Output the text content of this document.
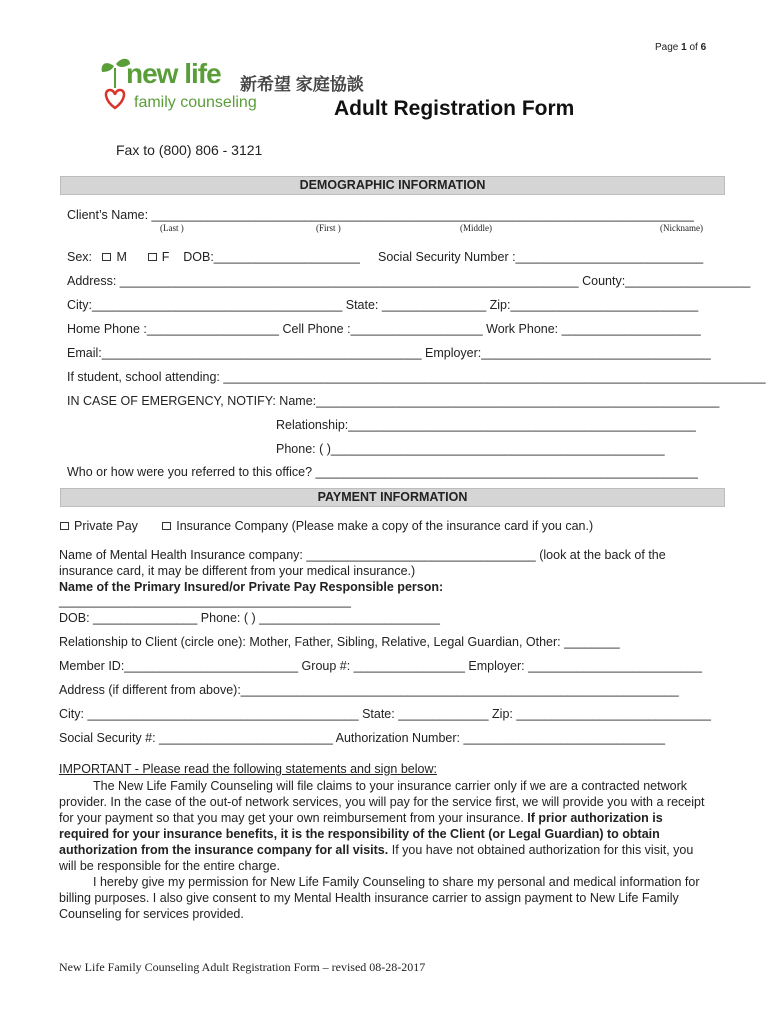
Page 1 of 6
new life
family counseling
新希望 家庭協談
Adult Registration Form
Fax to (800) 806 - 3121
DEMOGRAPHIC INFORMATION
Client’s Name: ______________________________________________________________________________
(Last )	(First )	(Middle)	(Nickname)
Sex: M	F DOB:_____________________ Social Security Number :___________________________
Address: __________________________________________________________________ County:__________________
City:____________________________________ State: _______________ Zip:___________________________
Home Phone :___________________ Cell Phone :___________________ Work Phone: ____________________
Email:______________________________________________ Employer:_________________________________
If student, school attending: ______________________________________________________________________________
IN CASE OF EMERGENCY, NOTIFY: Name:__________________________________________________________
Relationship:__________________________________________________
Phone: ( )________________________________________________
Who or how were you referred to this office? _______________________________________________________
PAYMENT INFORMATION
Private Pay	Insurance Company (Please make a copy of the insurance card if you can.)
Name of Mental Health Insurance company: _________________________________ (look at the back of the
insurance card, it may be different from your medical insurance.)
Name of the Primary Insured/or Private Pay Responsible person:
__________________________________________
DOB: _______________ Phone: ( ) __________________________
Relationship to Client (circle one): Mother, Father, Sibling, Relative, Legal Guardian, Other: ________
Member ID:_________________________ Group #: ________________ Employer: _________________________
Address (if different from above):_______________________________________________________________
City: _______________________________________ State: _____________ Zip: ____________________________
Social Security #: _________________________ Authorization Number: _____________________________
IMPORTANT - Please read the following statements and sign below:
The New Life Family Counseling will file claims to your insurance carrier only if we are a contracted network provider. In the case of the out-of network services, you will pay for the service first, we will provide you with a receipt for your payment so that you may get your own reimbursement from your insurance. If prior authorization is required for your insurance benefits, it is the responsibility of the Client (or Legal Guardian) to obtain authorization from the insurance company for all visits. If you have not obtained authorization for this visit, you will be responsible for the entire charge.
I hereby give my permission for New Life Family Counseling to share my personal and medical information for billing purposes. I also give consent to my Mental Health insurance carrier to assign payment to New Life Family Counseling for services provided.
New Life Family Counseling Adult Registration Form – revised 08-28-2017
